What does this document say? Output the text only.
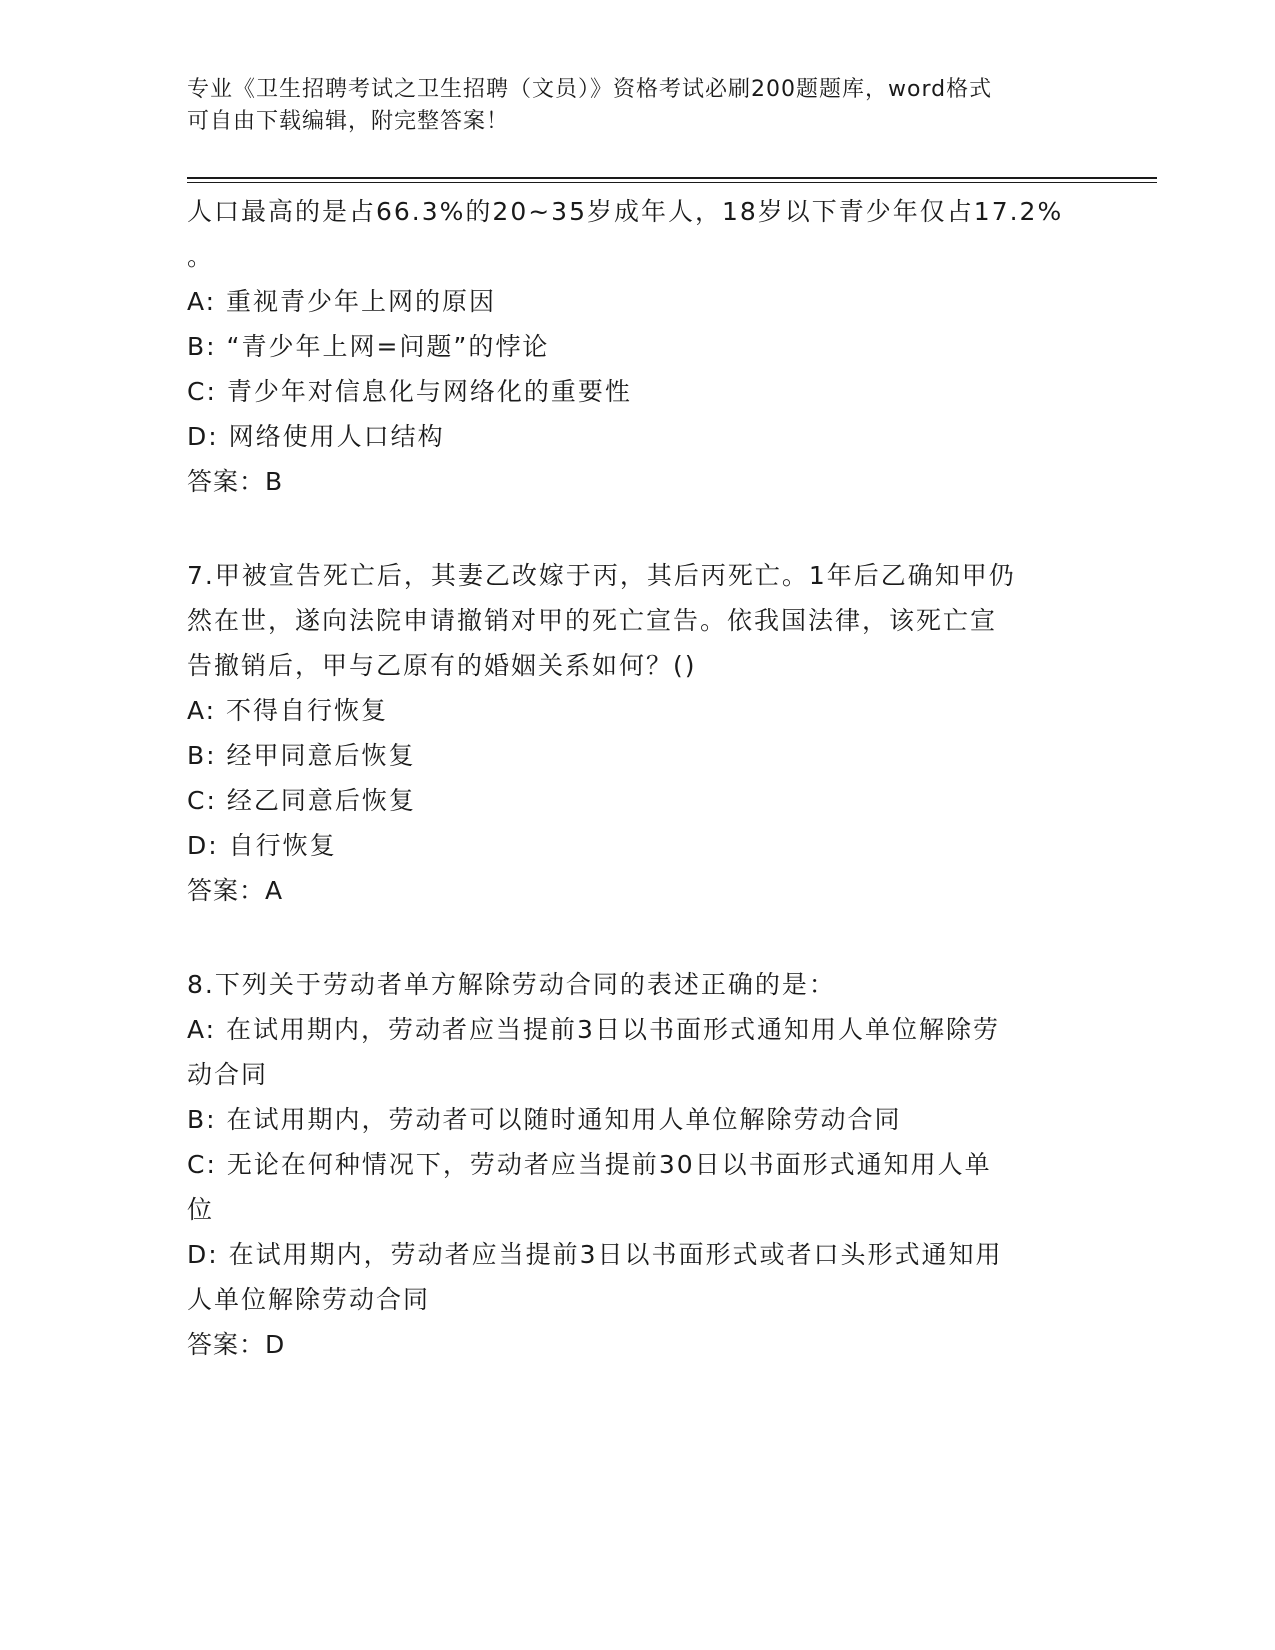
专业《卫生招聘考试之卫生招聘（文员）》资格考试必刷200题题库，word格式
可自由下载编辑，附完整答案！
人口最高的是占66.3%的20~35岁成年人，18岁以下青少年仅占17.2%
。
A: 重视青少年上网的原因
B: “青少年上网=问题”的悖论
C: 青少年对信息化与网络化的重要性
D: 网络使用人口结构
答案：B
7.甲被宣告死亡后，其妻乙改嫁于丙，其后丙死亡。1年后乙确知甲仍
然在世，遂向法院申请撤销对甲的死亡宣告。依我国法律，该死亡宣
告撤销后，甲与乙原有的婚姻关系如何？()
A: 不得自行恢复
B: 经甲同意后恢复
C: 经乙同意后恢复
D: 自行恢复
答案：A
8.下列关于劳动者单方解除劳动合同的表述正确的是：
A: 在试用期内，劳动者应当提前3日以书面形式通知用人单位解除劳
动合同
B: 在试用期内，劳动者可以随时通知用人单位解除劳动合同
C: 无论在何种情况下，劳动者应当提前30日以书面形式通知用人单
位
D: 在试用期内，劳动者应当提前3日以书面形式或者口头形式通知用
人单位解除劳动合同
答案：D
